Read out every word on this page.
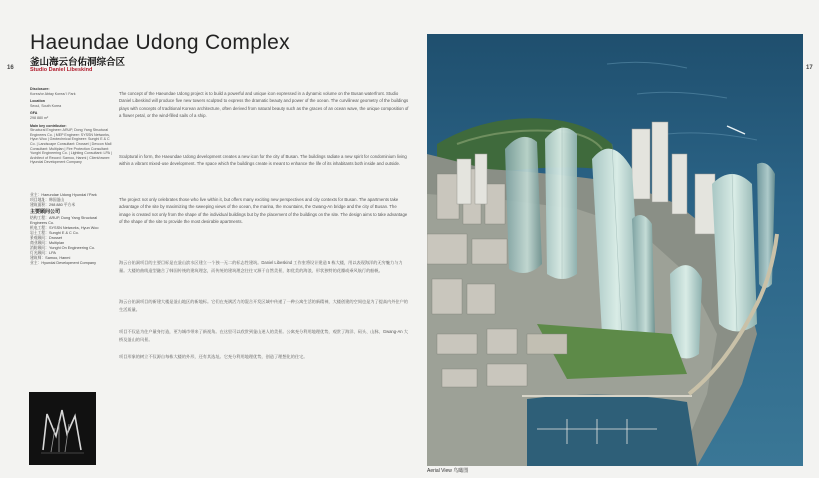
16	17
Haeundae Udong Complex
釜山海云台佑洞综合区
Studio Daniel Libeskind
Disclosure:
Korea/or Abtay Korea/ I Fark
Location
Seoul, South Korea
GFA
298 880 m²
Main key contributor:
Structural Engineer: ARUP, Dong Yang Structural Engineers Co. | MEP Engineer: SYSSN Networks, Hyun Woo | Geotechnical Engineer: Sunghi E & C Co. | Landscape Consultant: Drosset | Devcon Mall Consultant: Multiplan | Fire Protection Consultant: Yunghi Engineering Co. | Lighting Consultant: LPA | Architect of Record: Samoo, Hanmi | Client/owner: Hyundai Development Company
业主：Haeundae Udong Hyundai I'Park
项目地址：韩国釜山
建筑面积：298 880 平方米
主要顾问公司
结构工程：ARUP, Dong Yang Structural Engineers Co.
机电工程：SYSSN Networks, Hyun Woo
岩土工程：Sunghi E & C Co.
景观顾问：Drosset
商业顾问：Multiplan
消防顾问：Yunghi On Engineering Co.
灯光顾问：LPA
建筑师：Samoo, Hanmi
业主：Hyundai Development Company
The concept of the Haeundae Udong project is to build a powerful and unique icon expressed in a dynamic volume on the Busan waterfront. Studio Daniel Libeskind will produce five new towers sculpted to express the dramatic beauty and power of the ocean. The curvilinear geometry of the buildings plays with concepts of traditional Korean architecture, often derived from natural beauty such as the graces of an ocean wave, the unique composition of a flower petal, or the wind-filled sails of a ship.
Sculptural in form, the Haeundae Udong development creates a new icon for the city of Busan. The buildings radiate a new spirit for condominium living within a vibrant mixed-use development. The space which the buildings create is meant to enhance the life of its inhabitants both inside and outside.
The project not only celebrates those who live within it, but offers many exciting new perspectives and city contexts for Busan. The apartments take advantage of the site by maximizing the sweeping views of the ocean, the marina, the mountains, the Gwang-An bridge and the city of Busan. The image is created not only from the shape of the individual buildings but by the placement of the buildings on the site. The design aims to take advantage of the shape of the site to provide the most desirable apartments.
海云台佑洞项目的主要目标是在釜山滨水区建立一个独一无二的标志性建筑。Daniel Libeskind 工作室将设计建造 5 栋大楼，用以表现海洋的无穷魅力与力量。大楼的曲线造型融合了韩国传统的建筑理念，而传统的建筑理念往往又源于自然美景，如优美的海浪、形状独特的花瓣或乘风航行的船帆。
海云台佑洞项目的新建大楼是釜山地区的新地标。它们在充满活力的混合开发区域中传递了一种公寓生活的新精神，大楼创建的空间也是为了提高内外住户的生活质量。
项目不仅是为住户量身打造，更为城市带来了新视角。在这里可以欣赏到釜山迷人的美景。公寓充分利用地理优势，观赏了海洋、码头、山脉、Gwang-An 大桥及釜山的风景。
项目形象的树立不仅源自每栋大楼的外形，还有其选址。它充分利用地理优势，创造了理想化的住宅。
Aerial View 鸟瞰图
